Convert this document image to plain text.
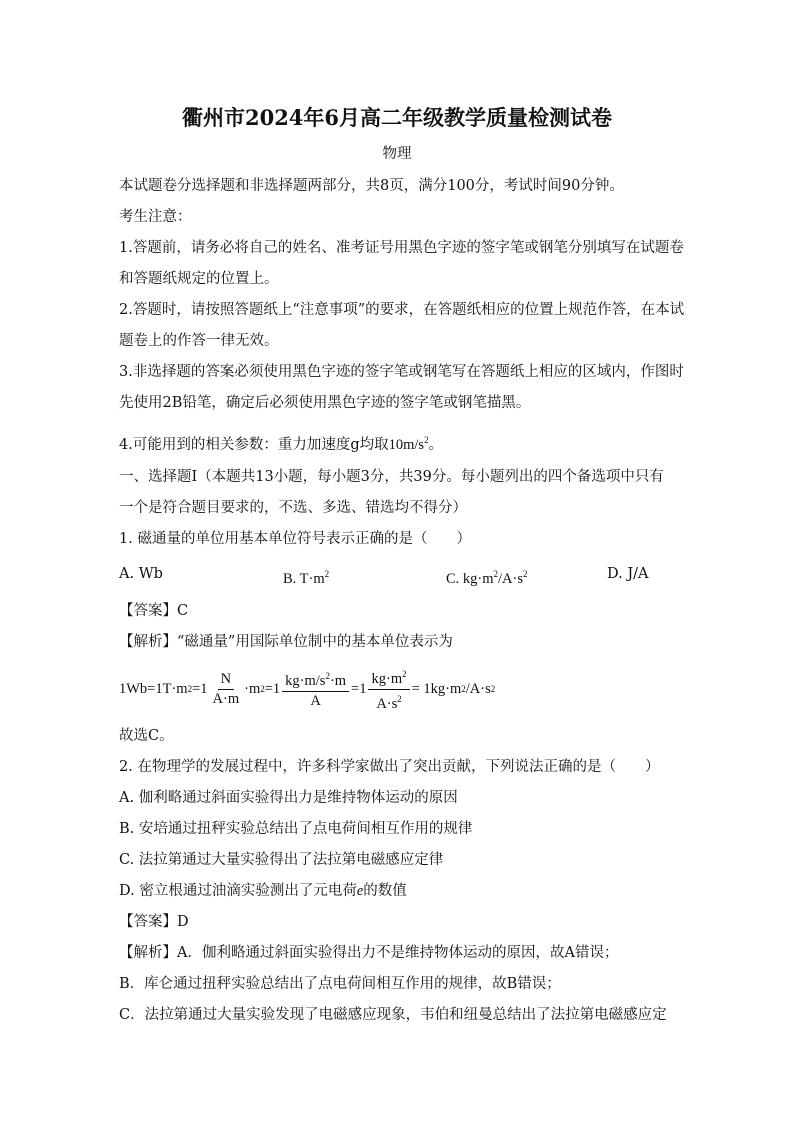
衢州市2024年6月高二年级教学质量检测试卷
物理
本试题卷分选择题和非选择题两部分，共8页，满分100分，考试时间90分钟。
考生注意：
1.答题前，请务必将自己的姓名、准考证号用黑色字迹的签字笔或钢笔分别填写在试题卷
和答题纸规定的位置上。
2.答题时，请按照答题纸上“注意事项”的要求，在答题纸相应的位置上规范作答，在本试
题卷上的作答一律无效。
3.非选择题的答案必须使用黑色字迹的签字笔或钢笔写在答题纸上相应的区域内，作图时
先使用2B铅笔，确定后必须使用黑色字迹的签字笔或钢笔描黑。
4.可能用到的相关参数：重力加速度g均取$10m/s^2$。
一、选择题Ⅰ（本题共13小题，每小题3分，共39分。每小题列出的四个备选项中只有
一个是符合题目要求的，不选、多选、错选均不得分）
1. 磁通量的单位用基本单位符号表示正确的是（　　）
A. Wb	B. $T\cdot m^2$	C. $kg\cdot m^2/A\cdot s^2$	D. J/A
【答案】C
【解析】“磁通量”用国际单位制中的基本单位表示为
1Wb=1T·m $2 =1 \frac{N}{A\cdot m} \cdot m$ $2 =1 \frac{kg\cdot m/s^2\cdot m}{A} =1 \frac{kg\cdot m^2}{A\cdot s^2} = 1kg\cdot m$ 2 /A·s 2
故选C。
2. 在物理学的发展过程中，许多科学家做出了突出贡献，下列说法正确的是（　　）
A. 伽利略通过斜面实验得出力是维持物体运动的原因
B. 安培通过扭秤实验总结出了点电荷间相互作用的规律
C. 法拉第通过大量实验得出了法拉第电磁感应定律
D. 密立根通过油滴实验测出了元电荷e的数值
【答案】D
【解析】A．伽利略通过斜面实验得出力不是维持物体运动的原因，故A错误；
B．库仑通过扭秤实验总结出了点电荷间相互作用的规律，故B错误；
C．法拉第通过大量实验发现了电磁感应现象，韦伯和纽曼总结出了法拉第电磁感应定
